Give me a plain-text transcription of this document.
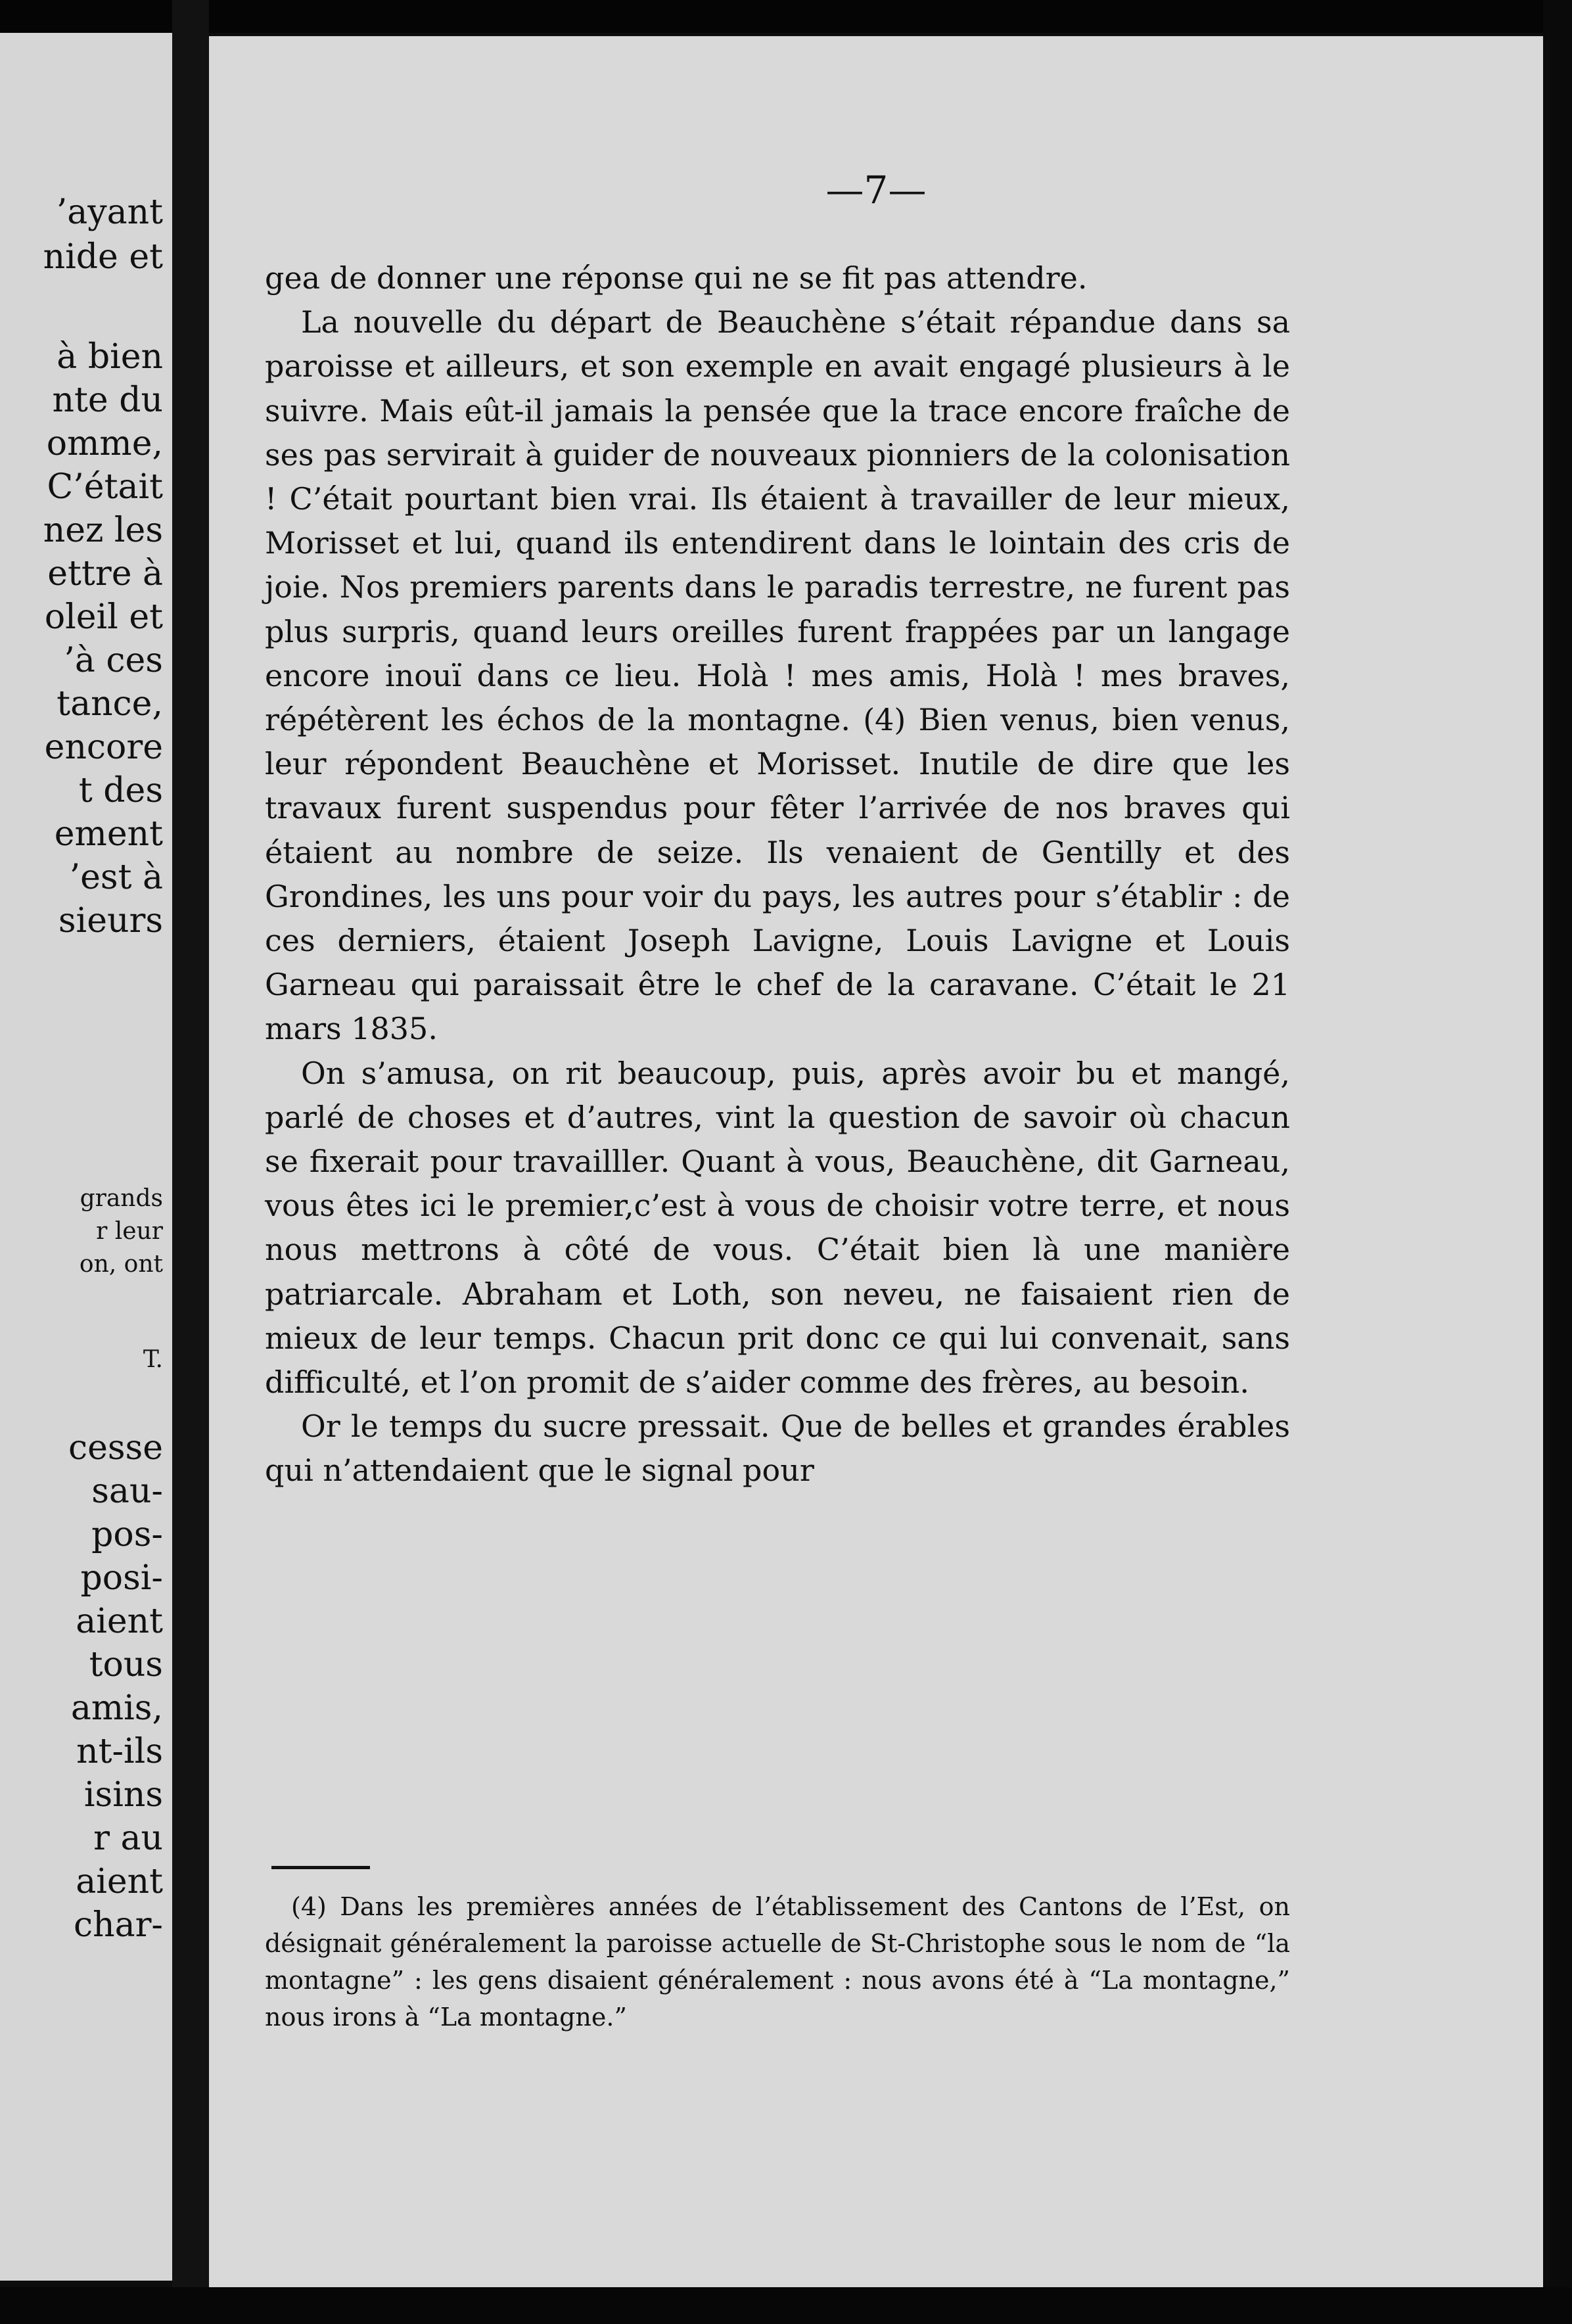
’ayant
nide et
à bien
nte du
omme,
C’était
nez les
ettre à
oleil et
’à ces
tance,
encore
t des
ement
’est à
sieurs
grands
r leur
on, ont
T.
cesse
sau-
pos-
posi-
aient
tous
amis,
nt-ils
isins
r au
aient
char-
—7—

gea de donner une réponse qui ne se fit pas attendre.

La nouvelle du départ de Beauchène s’était répandue dans sa paroisse et ailleurs, et son exemple en avait engagé plusieurs à le suivre. Mais eût-il jamais la pensée que la trace encore fraîche de ses pas servirait à guider de nouveaux pionniers de la colonisation ! C’était pourtant bien vrai. Ils étaient à travailler de leur mieux, Morisset et lui, quand ils entendirent dans le lointain des cris de joie. Nos premiers parents dans le paradis terrestre, ne furent pas plus surpris, quand leurs oreilles furent frappées par un langage encore inouï dans ce lieu. Holà ! mes amis, Holà ! mes braves, répétèrent les échos de la montagne. (4) Bien venus, bien venus, leur répondent Beauchène et Morisset. Inutile de dire que les travaux furent suspendus pour fêter l’arrivée de nos braves qui étaient au nombre de seize. Ils venaient de Gentilly et des Grondines, les uns pour voir du pays, les autres pour s’établir : de ces derniers, étaient Joseph Lavigne, Louis Lavigne et Louis Garneau qui paraissait être le chef de la caravane. C’était le 21 mars 1835.

On s’amusa, on rit beaucoup, puis, après avoir bu et mangé, parlé de choses et d’autres, vint la question de savoir où chacun se fixerait pour travailller. Quant à vous, Beauchène, dit Garneau, vous êtes ici le premier,c’est à vous de choisir votre terre, et nous nous mettrons à côté de vous. C’était bien là une manière patriarcale. Abraham et Loth, son neveu, ne faisaient rien de mieux de leur temps. Chacun prit donc ce qui lui convenait, sans difficulté, et l’on promit de s’aider comme des frères, au besoin.

Or le temps du sucre pressait. Que de belles et grandes érables qui n’attendaient que le signal pour

(4) Dans les premières années de l’établissement des Cantons de l’Est, on désignait généralement la paroisse actuelle de St-Christophe sous le nom de “la montagne” : les gens disaient généralement : nous avons été à “La montagne,” nous irons à “La montagne.”
